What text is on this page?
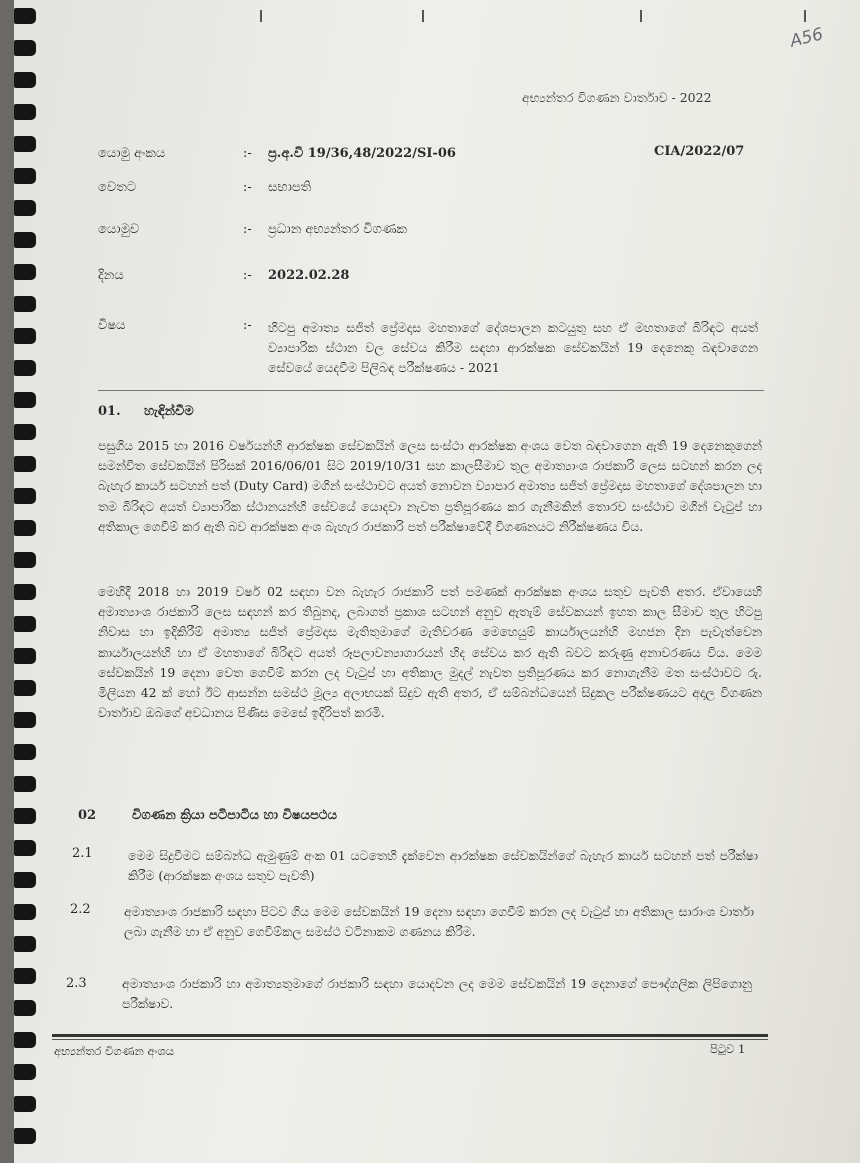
A56
අභ්‍යන්තර විගණන වාර්තාව - 2022
CIA/2022/07
යොමු අංකය	:- ප්‍ර.අ.වි 19/36,48/2022/SI-06
වෙතට	:- සභාපති
යොමුව	:- ප්‍රධාන අභ්‍යන්තර විගණක
දිනය	:- 2022.02.28
විෂය	:- හිටපු අමාත්‍ය සජිත් ප්‍රේමදාස මහතාගේ දේශපාලන කටයුතු සහ ඒ මහතාගේ බිරිඳට අයත් ව්‍යාපාරික ස්ථාන වල සේවය කිරීම සඳහා ආරක්ෂක සේවකයින් 19 දෙනෙකු බඳවාගෙන සේවයේ යෙදවීම පිලිබඳ පරීක්ෂණය - 2021
01. හැඳින්වීම
පසුගිය 2015 හා 2016 වර්ෂයන්හි ආරක්ෂක සේවකයින් ලෙස සංස්ථා ආරක්ෂක අංශය වෙත බඳවාගෙන ඇති 19 දෙනෙකුගෙන් සමන්විත සේවකයින් පිරිසක් 2016/06/01 සිට 2019/10/31 සහ කාලසීමාව තුල අමාත්‍යාංශ රාජකාරි ලෙස සටහන් කරන ලද බැහැර කාර්ය සටහන් පත් (Duty Card) මගින් සංස්ථාවට අයත් නොවන ව්‍යාපාර අමාත්‍ය සජිත් ප්‍රේමදාස මහතාගේ දේශපාලන හා තම බිරිඳට අයත් ව්‍යාපාරික ස්ථානයන්හි සේවයේ යොදවා නැවත ප්‍රතිපූරණය කර ගැනීමකින් තොරව සංස්ථාව මගින් වැටුප් හා අතිකාල ගෙවීම් කර ඇති බව ආරක්ෂක අංශ බැහැර රාජකාරි පත් පරීක්ෂාවේදී විගණනයට නිරීක්ෂණය විය.
මෙහිදී 2018 හා 2019 වර්ෂ 02 සඳහා වන බැහැර රාජකාරි පත් පමණක් ආරක්ෂක අංශය සතුව පැවති අතර. ඒවායෙහි අමාත්‍යාංශ රාජකාරි ලෙස සඳහන් කර තිබුනද, ලබාගත් ප්‍රකාශ සටහන් අනුව ඇතැම් සේවකයන් ඉහත කාල සීමාව තුල හිටපු නිවාස හා ඉදිකිරීම් අමාත්‍ය සජිත් ප්‍රේමදාස මැතිතුමාගේ මැතිවරණ මෙහෙයුම් කාර්යාලයන්හි මහජන දින පැවැත්වෙන කාර්යාලයන්හි හා ඒ මහතාගේ බිරිඳට අයත් රූපලාවන්‍යාගාරයන් හිද සේවය කර ඇති බවට කරුණු අනාවරණය විය. මෙම සේවකයින් 19 දෙනා වෙත ගෙවීම් කරන ලද වැටුප් හා අතිකාල මුදල් නැවත ප්‍රතිපූරණය කර නොගැනීම මත සංස්ථාවට රු. මිලියන 42 ක් හෝ ඊට ආසන්න සමස්ථ මූල්‍ය අලාභයක් සිදුව ඇති අතර, ඒ සම්බන්ධයෙන් සිදුකල පරීක්ෂණයට අදාල විගණන වාර්තාව ඔබගේ අවධානය පිණිස මෙසේ ඉදිරිපත් කරමි.
02	විගණන ක්‍රියා පටිපාටිය හා විෂයපථය
2.1	මෙම සිදුවීමට සම්බන්ධ ඇමුණුම් අංක 01 යටතෙහි දැක්වෙන ආරක්ෂක සේවකයින්ගේ බැහැර කාර්ය සටහන් පත් පරීක්ෂා කිරීම (ආරක්ෂක අංශය සතුව පැවති)
2.2	අමාත්‍යාංශ රාජකාරි සඳහා පිටව ගිය මෙම සේවකයින් 19 දෙනා සඳහා ගෙවීම් කරන ලද වැටුප් හා අතිකාල සාරාංශ වාර්තා ලබා ගැනීම හා ඒ අනුව ගෙවීම්කල සමස්ථ වටිනාකම ගණනය කිරීම.
2.3	අමාත්‍යාංශ රාජකාරි හා අමාත්‍යතුමාගේ රාජකාරි සඳහා යොදවන ලද මෙම සේවකයින් 19 දෙනාගේ පෞද්ගලික ලිපිගොනු පරීක්ෂාව.
අභ්‍යන්තර විගණන අංශය	පිටුව 1
